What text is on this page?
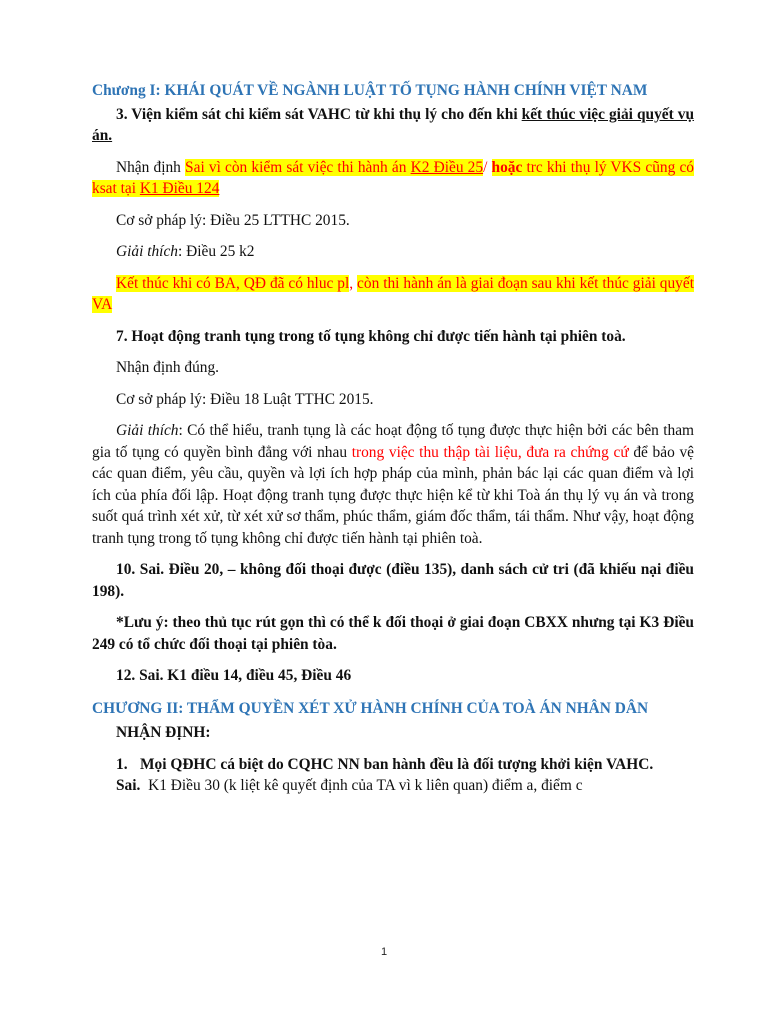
Chương I: KHÁI QUÁT VỀ NGÀNH LUẬT TỐ TỤNG HÀNH CHÍNH VIỆT NAM

3. Viện kiểm sát chi kiểm sát VAHC từ khi thụ lý cho đến khi kết thúc việc giải quyết vụ án.

Nhận định Sai vì còn kiểm sát việc thi hành án K2 Điều 25/ hoặc trc khi thụ lý VKS cũng có ksat tại K1 Điều 124

Cơ sở pháp lý: Điều 25 LTTHC 2015.

Giải thích: Điều 25 k2

Kết thúc khi có BA, QĐ đã có hluc pl, còn thi hành án là giai đoạn sau khi kết thúc giải quyết VA

7. Hoạt động tranh tụng trong tố tụng không chỉ được tiến hành tại phiên toà.

Nhận định đúng.

Cơ sở pháp lý: Điều 18 Luật TTHC 2015.

Giải thích: Có thể hiểu, tranh tụng là các hoạt động tố tụng được thực hiện bởi các bên tham gia tố tụng có quyền bình đẳng với nhau trong việc thu thập tài liệu, đưa ra chứng cứ để bảo vệ các quan điểm, yêu cầu, quyền và lợi ích hợp pháp của mình, phản bác lại các quan điểm và lợi ích của phía đối lập. Hoạt động tranh tụng được thực hiện kể từ khi Toà án thụ lý vụ án và trong suốt quá trình xét xử, từ xét xử sơ thẩm, phúc thẩm, giám đốc thẩm, tái thẩm. Như vậy, hoạt động tranh tụng trong tố tụng không chỉ được tiến hành tại phiên toà.

10. Sai. Điều 20, – không đối thoại được (điều 135), danh sách cử tri (đã khiếu nại điều 198).

*Lưu ý: theo thủ tục rút gọn thì có thể k đối thoại ở giai đoạn CBXX nhưng tại K3 Điều 249 có tổ chức đối thoại tại phiên tòa.

12. Sai. K1 điều 14, điều 45, Điều 46

CHƯƠNG II: THẨM QUYỀN XÉT XỬ HÀNH CHÍNH CỦA TOÀ ÁN NHÂN DÂN

NHẬN ĐỊNH:

1. Mọi QĐHC cá biệt do CQHC NN ban hành đều là đối tượng khởi kiện VAHC.

Sai.  K1 Điều 30 (k liệt kê quyết định của TA vì k liên quan) điểm a, điểm c

1
